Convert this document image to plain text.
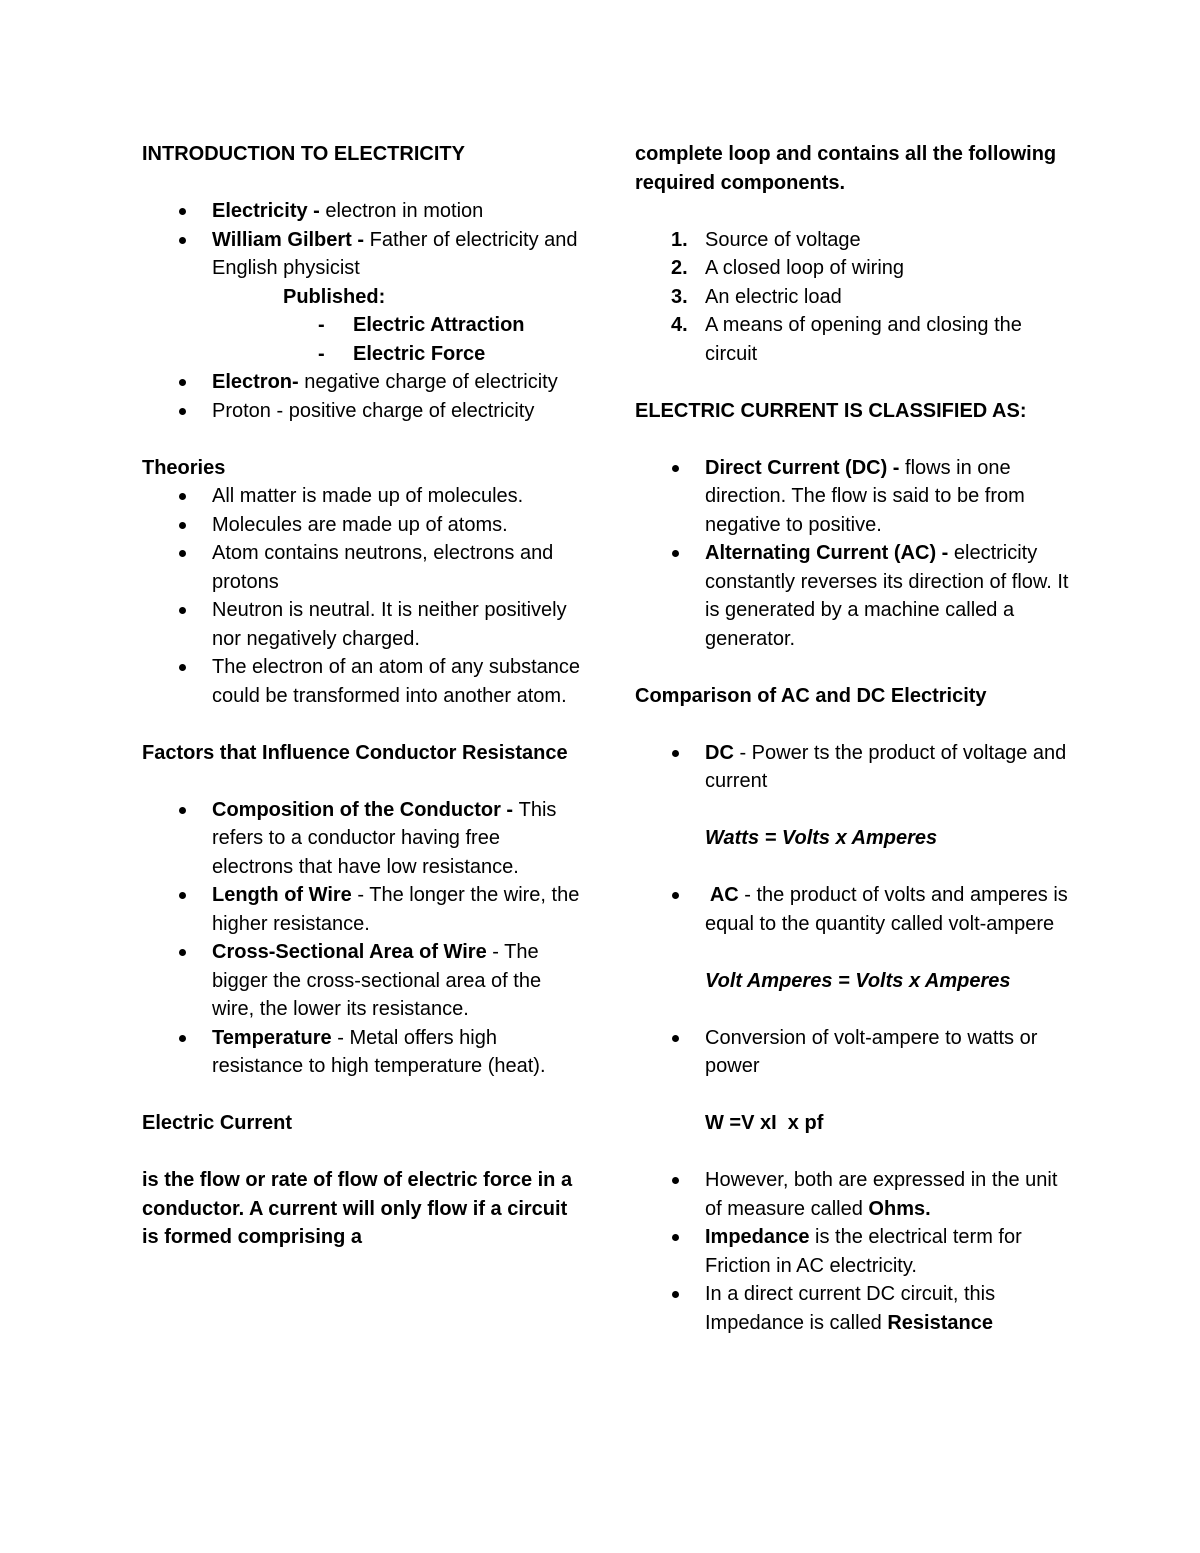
INTRODUCTION TO ELECTRICITY

Electricity - electron in motion
William Gilbert - Father of electricity and English physicist

Published:

- Electric Attraction
- Electric Force
Electron- negative charge of electricity
Proton - positive charge of electricity

Theories

All matter is made up of molecules.
Molecules are made up of atoms.
Atom contains neutrons, electrons and protons
Neutron is neutral. It is neither positively nor negatively charged.
The electron of an atom of any substance could be transformed into another atom.

Factors that Influence Conductor Resistance

Composition of the Conductor - This refers to a conductor having free electrons that have low resistance.
Length of Wire - The longer the wire, the higher resistance.
Cross-Sectional Area of Wire - The bigger the cross-sectional area of the wire, the lower its resistance.
Temperature - Metal offers high resistance to high temperature (heat).

Electric Current

is the flow or rate of flow of electric force in a conductor. A current will only flow if a circuit is formed comprising a

complete loop and contains all the following required components.

1. Source of voltage
2. A closed loop of wiring
3. An electric load
4. A means of opening and closing the circuit

ELECTRIC CURRENT IS CLASSIFIED AS:

Direct Current (DC) - flows in one direction. The flow is said to be from negative to positive.
Alternating Current (AC) - electricity constantly reverses its direction of flow. It is generated by a machine called a generator.

Comparison of AC and DC Electricity

DC - Power ts the product of voltage and current

Watts = Volts x Amperes

AC - the product of volts and amperes is equal to the quantity called volt-ampere

Volt Amperes = Volts x Amperes

Conversion of volt-ampere to watts or power

W =V xI  x pf

However, both are expressed in the unit of measure called Ohms.
Impedance is the electrical term for Friction in AC electricity.
In a direct current DC circuit, this Impedance is called Resistance
